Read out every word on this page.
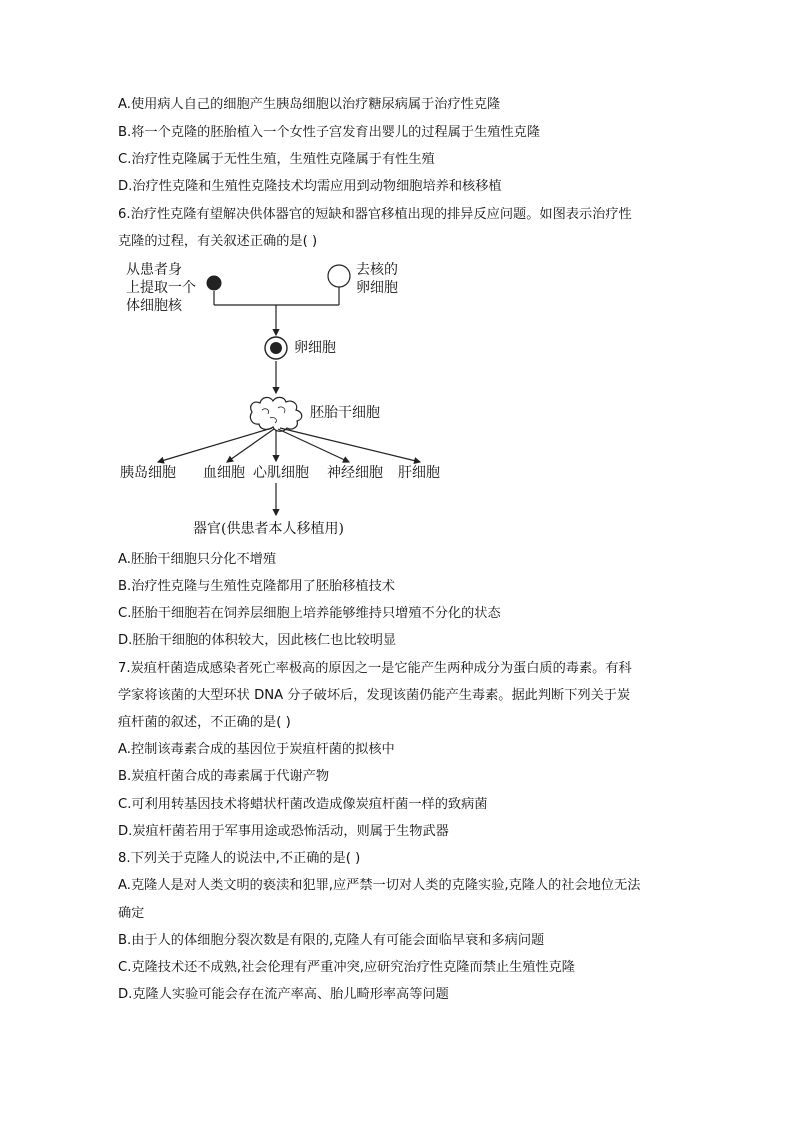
A.使用病人自己的细胞产生胰岛细胞以治疗糖尿病属于治疗性克隆
B.将一个克隆的胚胎植入一个女性子宫发育出婴儿的过程属于生殖性克隆
C.治疗性克隆属于无性生殖，生殖性克隆属于有性生殖
D.治疗性克隆和生殖性克隆技术均需应用到动物细胞培养和核移植
6.治疗性克隆有望解决供体器官的短缺和器官移植出现的排异反应问题。如图表示治疗性
克隆的过程，有关叙述正确的是( )
从患者身
上提取一个
体细胞核
去核的
卵细胞
卵细胞
胚胎干细胞
胰岛细胞 血细胞 心肌细胞 神经细胞 肝细胞
器官(供患者本人移植用)
A.胚胎干细胞只分化不增殖
B.治疗性克隆与生殖性克隆都用了胚胎移植技术
C.胚胎干细胞若在饲养层细胞上培养能够维持只增殖不分化的状态
D.胚胎干细胞的体积较大，因此核仁也比较明显
7.炭疽杆菌造成感染者死亡率极高的原因之一是它能产生两种成分为蛋白质的毒素。有科
学家将该菌的大型环状 DNA 分子破坏后，发现该菌仍能产生毒素。据此判断下列关于炭
疽杆菌的叙述，不正确的是( )
A.控制该毒素合成的基因位于炭疽杆菌的拟核中
B.炭疽杆菌合成的毒素属于代谢产物
C.可利用转基因技术将蜡状杆菌改造成像炭疽杆菌一样的致病菌
D.炭疽杆菌若用于军事用途或恐怖活动，则属于生物武器
8.下列关于克隆人的说法中,不正确的是( )
A.克隆人是对人类文明的亵渎和犯罪,应严禁一切对人类的克隆实验,克隆人的社会地位无法
确定
B.由于人的体细胞分裂次数是有限的,克隆人有可能会面临早衰和多病问题
C.克隆技术还不成熟,社会伦理有严重冲突,应研究治疗性克隆而禁止生殖性克隆
D.克隆人实验可能会存在流产率高、胎儿畸形率高等问题
